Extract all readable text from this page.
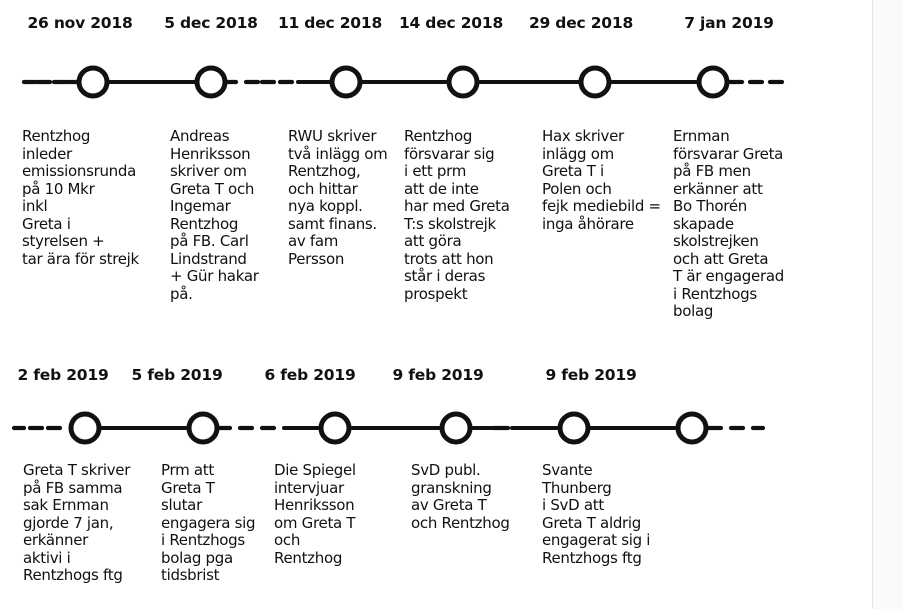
26 nov 2018
Rentzhog
inleder
emissionsrunda
på 10 Mkr
inkl
Greta i
styrelsen +
tar ära för strejk
5 dec 2018
Andreas
Henriksson
skriver om
Greta T och
Ingemar
Rentzhog
på FB. Carl
Lindstrand
+ Gür hakar
på.
11 dec 2018
RWU skriver
två inlägg om
Rentzhog,
och hittar
nya koppl.
samt finans.
av fam
Persson
14 dec 2018
Rentzhog
försvarar sig
i ett prm
att de inte
har med Greta
T:s skolstrejk
att göra
trots att hon
står i deras
prospekt
29 dec 2018
Hax skriver
inlägg om
Greta T i
Polen och
fejk mediebild =
inga åhörare
7 jan 2019
Ernman
försvarar Greta
på FB men
erkänner att
Bo Thorén
skapade
skolstrejken
och att Greta
T är engagerad
i Rentzhogs
bolag
2 feb 2019
Greta T skriver
på FB samma
sak Ernman
gjorde 7 jan,
erkänner
aktivi i
Rentzhogs ftg
5 feb 2019
Prm att
Greta T
slutar
engagera sig
i Rentzhogs
bolag pga
tidsbrist
6 feb 2019
Die Spiegel
intervjuar
Henriksson
om Greta T
och
Rentzhog
9 feb 2019
SvD publ.
granskning
av Greta T
och Rentzhog
9 feb 2019
Svante
Thunberg
i SvD att
Greta T aldrig
engagerat sig i
Rentzhogs ftg
